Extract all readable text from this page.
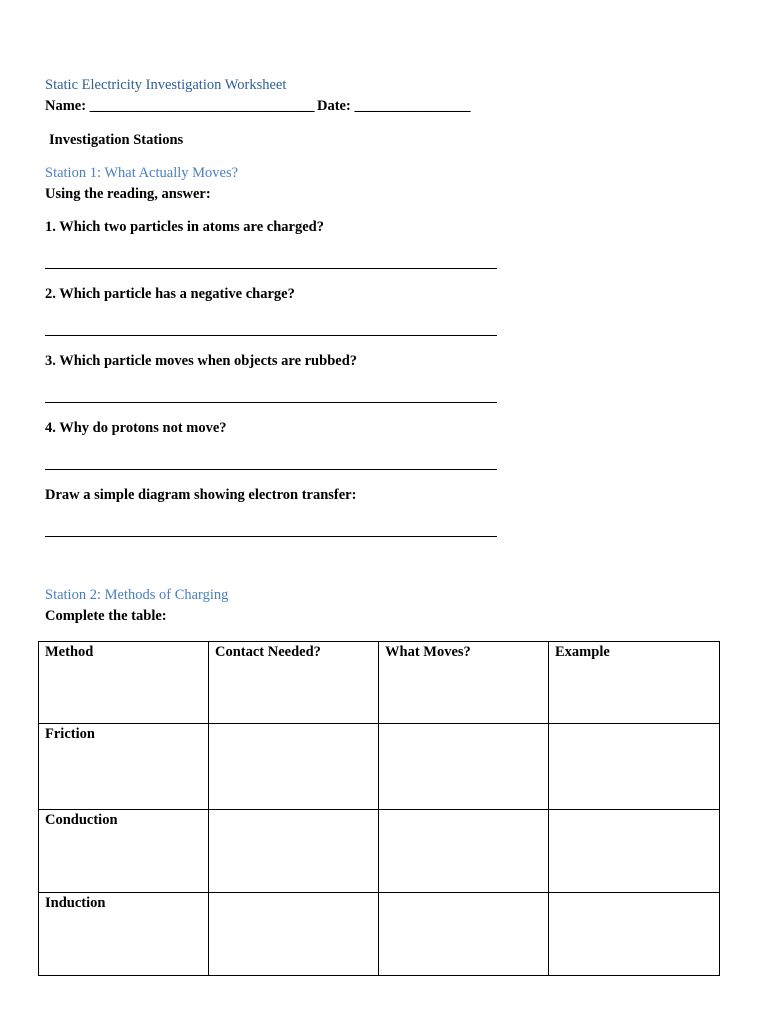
Static Electricity Investigation Worksheet
Name: _______________________________ Date: ________________
Investigation Stations
Station 1: What Actually Moves?
Using the reading, answer:
1. Which two particles in atoms are charged?
2. Which particle has a negative charge?
3. Which particle moves when objects are rubbed?
4. Why do protons not move?
Draw a simple diagram showing electron transfer:
Station 2: Methods of Charging
Complete the table:
Method	Contact Needed?	What Moves?	Example
Friction			
Conduction			
Induction			
